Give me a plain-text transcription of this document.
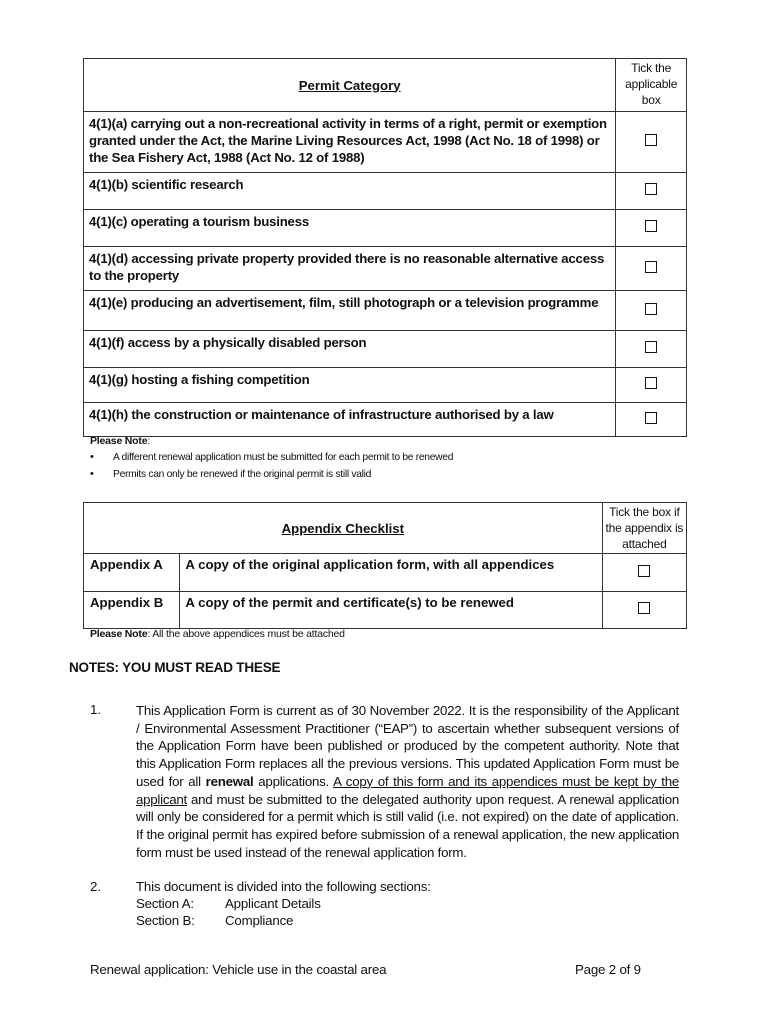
Permit Category	Tick the applicable box
4(1)(a) carrying out a non-recreational activity in terms of a right, permit or exemption granted under the Act, the Marine Living Resources Act, 1998 (Act No. 18 of 1998) or the Sea Fishery Act, 1988 (Act No. 12 of 1988)	
4(1)(b) scientific research	
4(1)(c) operating a tourism business	
4(1)(d) accessing private property provided there is no reasonable alternative access to the property	
4(1)(e) producing an advertisement, film, still photograph or a television programme	
4(1)(f) access by a physically disabled person	
4(1)(g) hosting a fishing competition	
4(1)(h) the construction or maintenance of infrastructure authorised by a law	
Please Note:
• A different renewal application must be submitted for each permit to be renewed
• Permits can only be renewed if the original permit is still valid
Appendix Checklist		Tick the box if the appendix is attached
Appendix A	A copy of the original application form, with all appendices	
Appendix B	A copy of the permit and certificate(s) to be renewed	
Please Note: All the above appendices must be attached
NOTES: YOU MUST READ THESE
1.	This Application Form is current as of 30 November 2022. It is the responsibility of the Applicant / Environmental Assessment Practitioner (“EAP”) to ascertain whether subsequent versions of the Application Form have been published or produced by the competent authority. Note that this Application Form replaces all the previous versions. This updated Application Form must be used for all renewal applications. A copy of this form and its appendices must be kept by the applicant and must be submitted to the delegated authority upon request. A renewal application will only be considered for a permit which is still valid (i.e. not expired) on the date of application. If the original permit has expired before submission of a renewal application, the new application form must be used instead of the renewal application form.
2.	This document is divided into the following sections:
Section A: Applicant Details
Section B: Compliance
Renewal application: Vehicle use in the coastal area	Page 2 of 9
